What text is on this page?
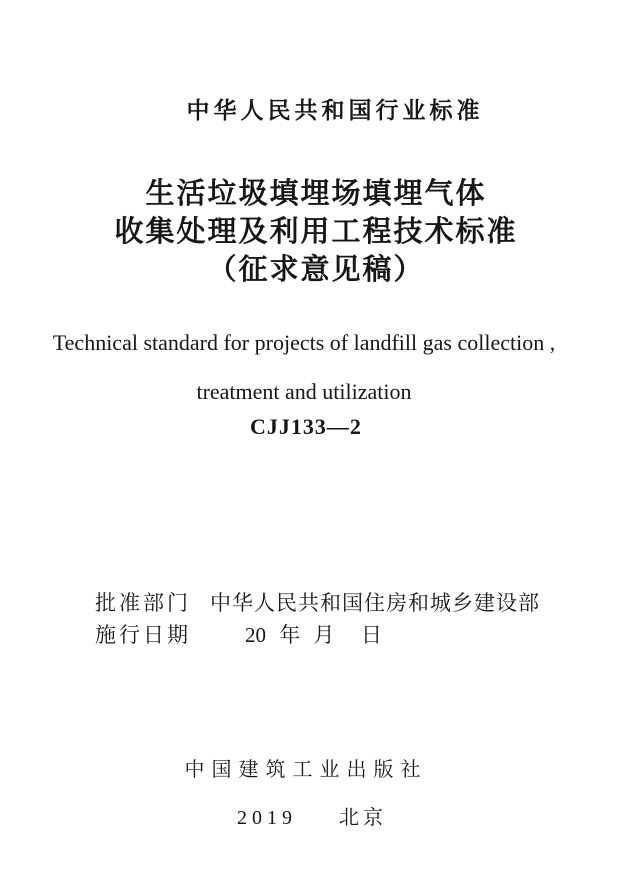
中华人民共和国行业标准
生活垃圾填埋场填埋气体
收集处理及利用工程技术标准
（征求意见稿）
Technical standard for projects of landfill gas collection ,
treatment and utilization
CJJ133—2
批准部门 中华人民共和国住房和城乡建设部
施行日期	20 年 月  日
中国建筑工业出版社
2019 北京
